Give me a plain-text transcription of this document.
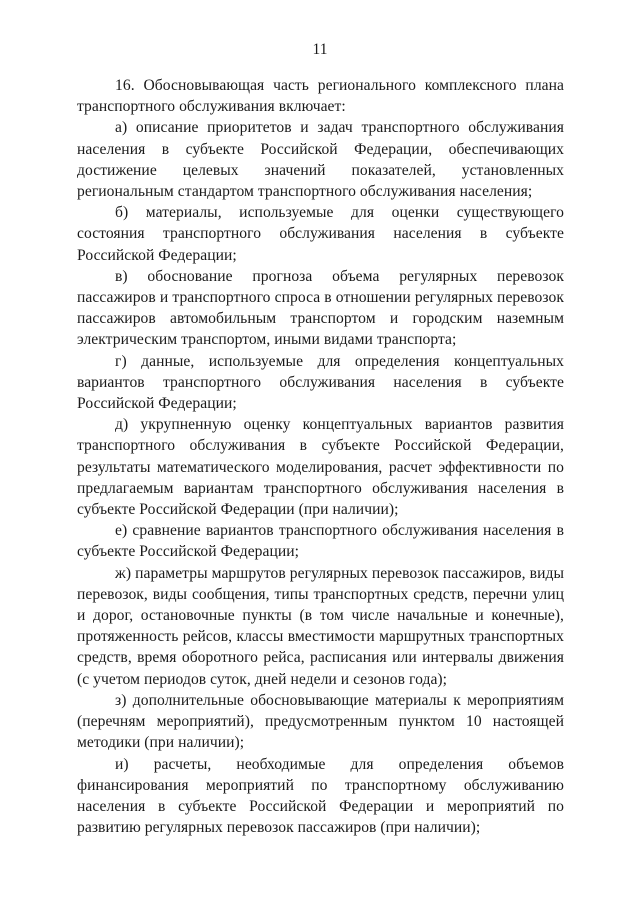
11

16. Обосновывающая часть регионального комплексного плана транспортного обслуживания включает:

а) описание приоритетов и задач транспортного обслуживания населения в субъекте Российской Федерации, обеспечивающих достижение целевых значений показателей, установленных региональным стандартом транспортного обслуживания населения;

б) материалы, используемые для оценки существующего состояния транспортного обслуживания населения в субъекте Российской Федерации;

в) обоснование прогноза объема регулярных перевозок пассажиров и транспортного спроса в отношении регулярных перевозок пассажиров автомобильным транспортом и городским наземным электрическим транспортом, иными видами транспорта;

г) данные, используемые для определения концептуальных вариантов транспортного обслуживания населения в субъекте Российской Федерации;

д) укрупненную оценку концептуальных вариантов развития транспортного обслуживания в субъекте Российской Федерации, результаты математического моделирования, расчет эффективности по предлагаемым вариантам транспортного обслуживания населения в субъекте Российской Федерации (при наличии);

е) сравнение вариантов транспортного обслуживания населения в субъекте Российской Федерации;

ж) параметры маршрутов регулярных перевозок пассажиров, виды перевозок, виды сообщения, типы транспортных средств, перечни улиц и дорог, остановочные пункты (в том числе начальные и конечные), протяженность рейсов, классы вместимости маршрутных транспортных средств, время оборотного рейса, расписания или интервалы движения (с учетом периодов суток, дней недели и сезонов года);

з) дополнительные обосновывающие материалы к мероприятиям (перечням мероприятий), предусмотренным пунктом 10 настоящей методики (при наличии);

и) расчеты, необходимые для определения объемов финансирования мероприятий по транспортному обслуживанию населения в субъекте Российской Федерации и мероприятий по развитию регулярных перевозок пассажиров (при наличии);
